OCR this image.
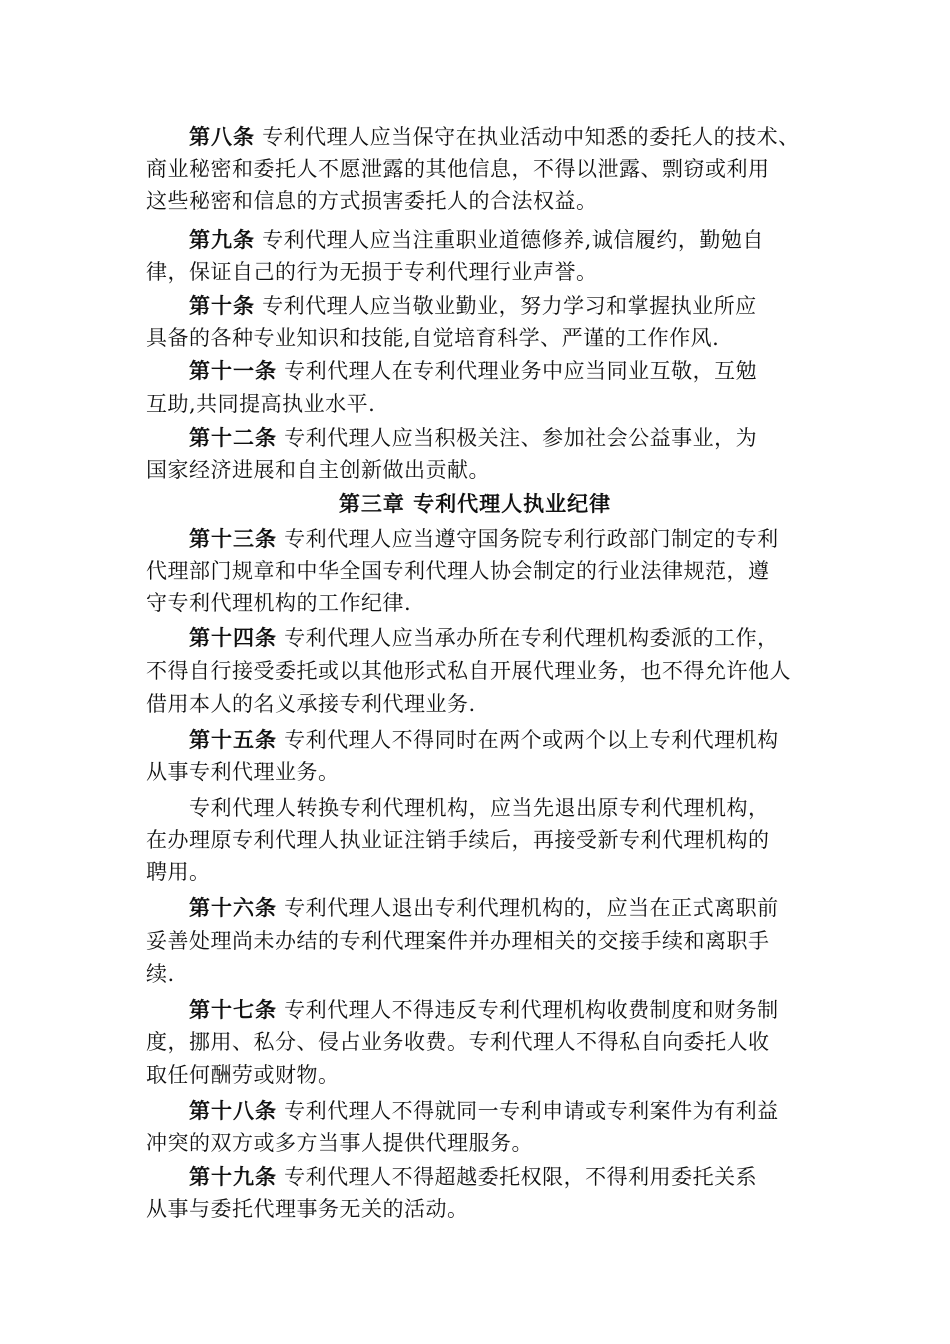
第八条 专利代理人应当保守在执业活动中知悉的委托人的技术、
商业秘密和委托人不愿泄露的其他信息，不得以泄露、剽窃或利用
这些秘密和信息的方式损害委托人的合法权益。
第九条 专利代理人应当注重职业道德修养,诚信履约，勤勉自
律，保证自己的行为无损于专利代理行业声誉。
第十条 专利代理人应当敬业勤业，努力学习和掌握执业所应
具备的各种专业知识和技能,自觉培育科学、严谨的工作作风.
第十一条 专利代理人在专利代理业务中应当同业互敬，互勉
互助,共同提高执业水平.
第十二条 专利代理人应当积极关注、参加社会公益事业，为
国家经济进展和自主创新做出贡献。
第三章 专利代理人执业纪律
第十三条 专利代理人应当遵守国务院专利行政部门制定的专利
代理部门规章和中华全国专利代理人协会制定的行业法律规范，遵
守专利代理机构的工作纪律.
第十四条 专利代理人应当承办所在专利代理机构委派的工作，
不得自行接受委托或以其他形式私自开展代理业务，也不得允许他人
借用本人的名义承接专利代理业务.
第十五条 专利代理人不得同时在两个或两个以上专利代理机构
从事专利代理业务。
专利代理人转换专利代理机构，应当先退出原专利代理机构，
在办理原专利代理人执业证注销手续后，再接受新专利代理机构的
聘用。
第十六条 专利代理人退出专利代理机构的，应当在正式离职前
妥善处理尚未办结的专利代理案件并办理相关的交接手续和离职手
续.
第十七条 专利代理人不得违反专利代理机构收费制度和财务制
度，挪用、私分、侵占业务收费。专利代理人不得私自向委托人收
取任何酬劳或财物。
第十八条 专利代理人不得就同一专利申请或专利案件为有利益
冲突的双方或多方当事人提供代理服务。
第十九条 专利代理人不得超越委托权限，不得利用委托关系
从事与委托代理事务无关的活动。
